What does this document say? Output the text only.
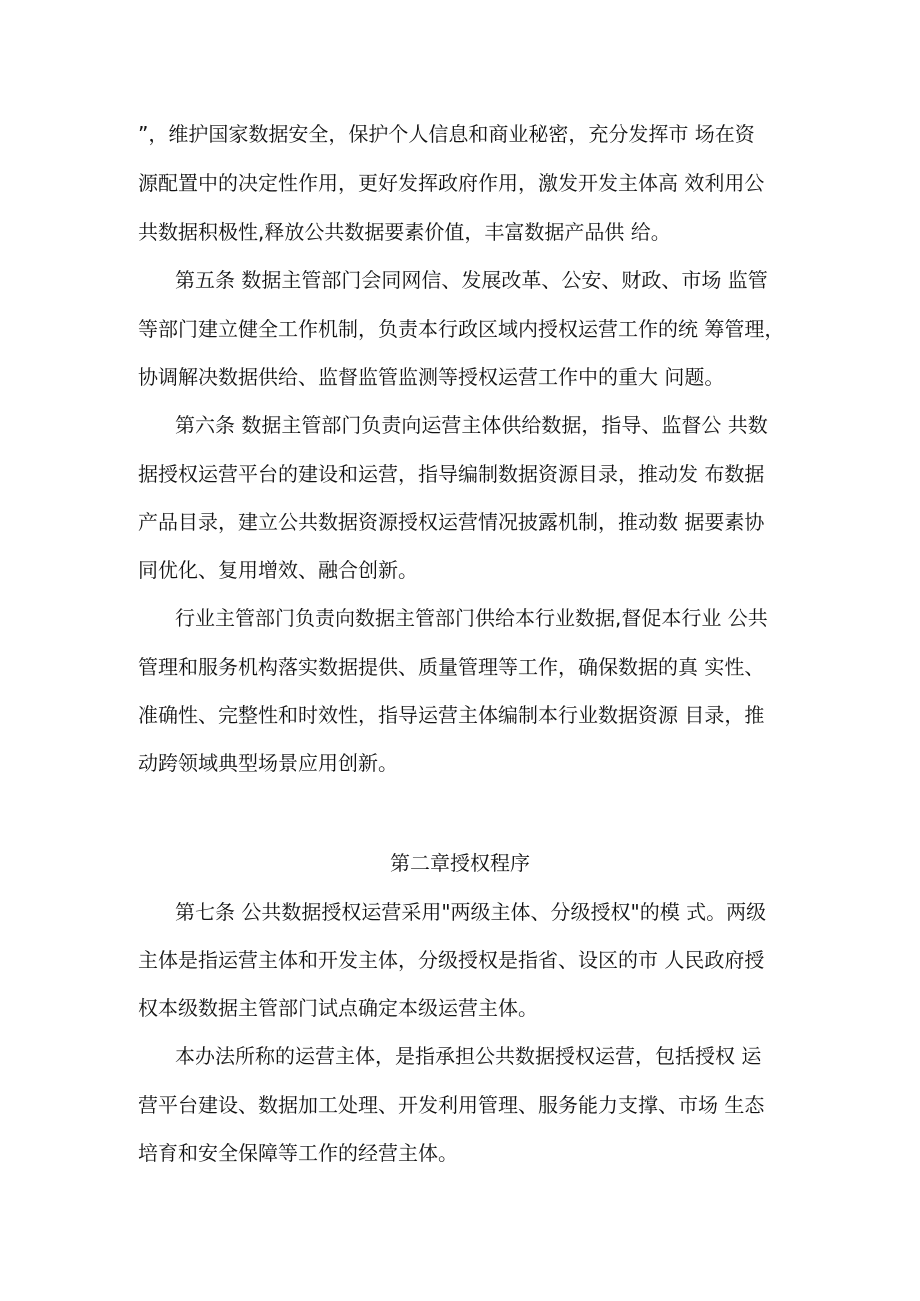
”，维护国家数据安全，保护个人信息和商业秘密，充分发挥市 场在资
源配置中的决定性作用，更好发挥政府作用，激发开发主体高 效利用公
共数据积极性,释放公共数据要素价值，丰富数据产品供 给。
第五条 数据主管部门会同网信、发展改革、公安、财政、市场 监管
等部门建立健全工作机制，负责本行政区域内授权运营工作的统 筹管理，
协调解决数据供给、监督监管监测等授权运营工作中的重大 问题。
第六条 数据主管部门负责向运营主体供给数据，指导、监督公 共数
据授权运营平台的建设和运营，指导编制数据资源目录，推动发 布数据
产品目录，建立公共数据资源授权运营情况披露机制，推动数 据要素协
同优化、复用增效、融合创新。
行业主管部门负责向数据主管部门供给本行业数据,督促本行业 公共
管理和服务机构落实数据提供、质量管理等工作，确保数据的真 实性、
准确性、完整性和时效性，指导运营主体编制本行业数据资源 目录，推
动跨领域典型场景应用创新。
第二章授权程序
第七条 公共数据授权运营采用"两级主体、分级授权"的模 式。两级
主体是指运营主体和开发主体，分级授权是指省、设区的市 人民政府授
权本级数据主管部门试点确定本级运营主体。
本办法所称的运营主体，是指承担公共数据授权运营，包括授权 运
营平台建设、数据加工处理、开发利用管理、服务能力支撑、市场 生态
培育和安全保障等工作的经营主体。
